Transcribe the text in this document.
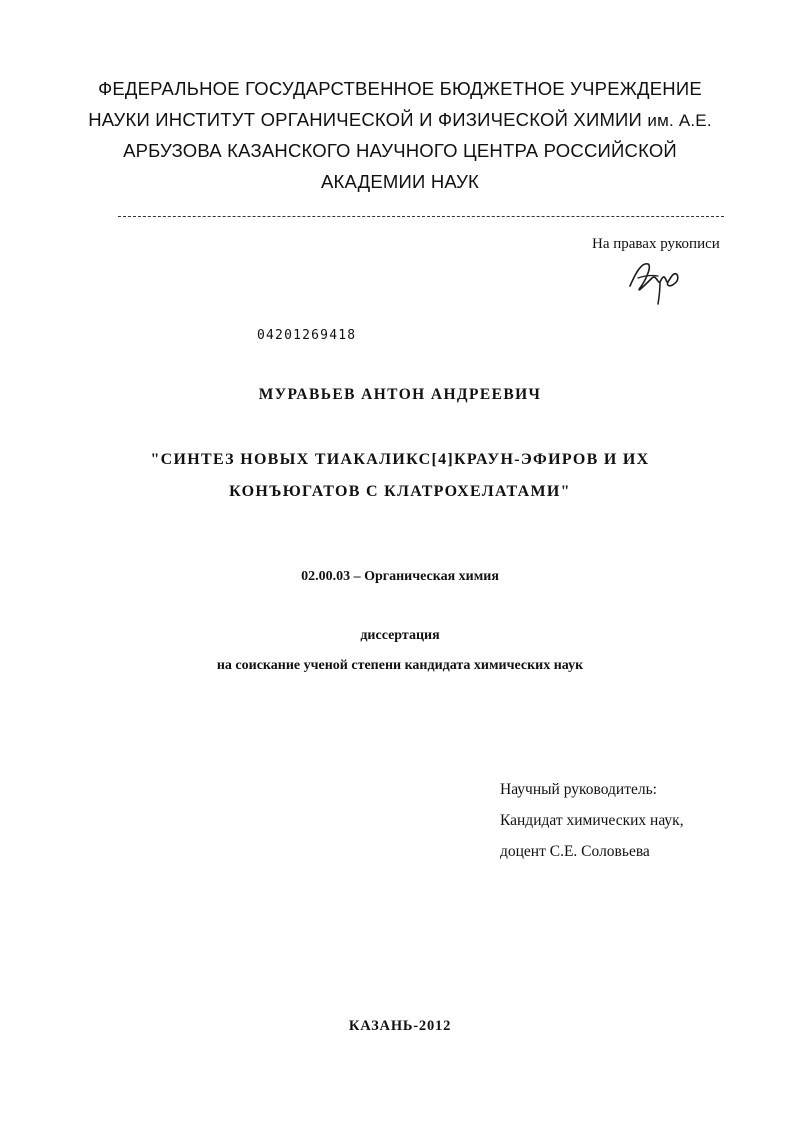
ФЕДЕРАЛЬНОЕ ГОСУДАРСТВЕННОЕ БЮДЖЕТНОЕ УЧРЕЖДЕНИЕ
НАУКИ ИНСТИТУТ ОРГАНИЧЕСКОЙ И ФИЗИЧЕСКОЙ ХИМИИ им. А.Е.
АРБУЗОВА КАЗАНСКОГО НАУЧНОГО ЦЕНТРА РОССИЙСКОЙ
АКАДЕМИИ НАУК
На правах рукописи
04201269418
МУРАВЬЕВ АНТОН АНДРЕЕВИЧ
"СИНТЕЗ НОВЫХ ТИАКАЛИКС[4]КРАУН-ЭФИРОВ И ИХ
КОНЪЮГАТОВ С КЛАТРОХЕЛАТАМИ"
02.00.03 – Органическая химия
диссертация
на соискание ученой степени кандидата химических наук
Научный руководитель:
Кандидат химических наук,
доцент С.Е. Соловьева
КАЗАНЬ-2012
